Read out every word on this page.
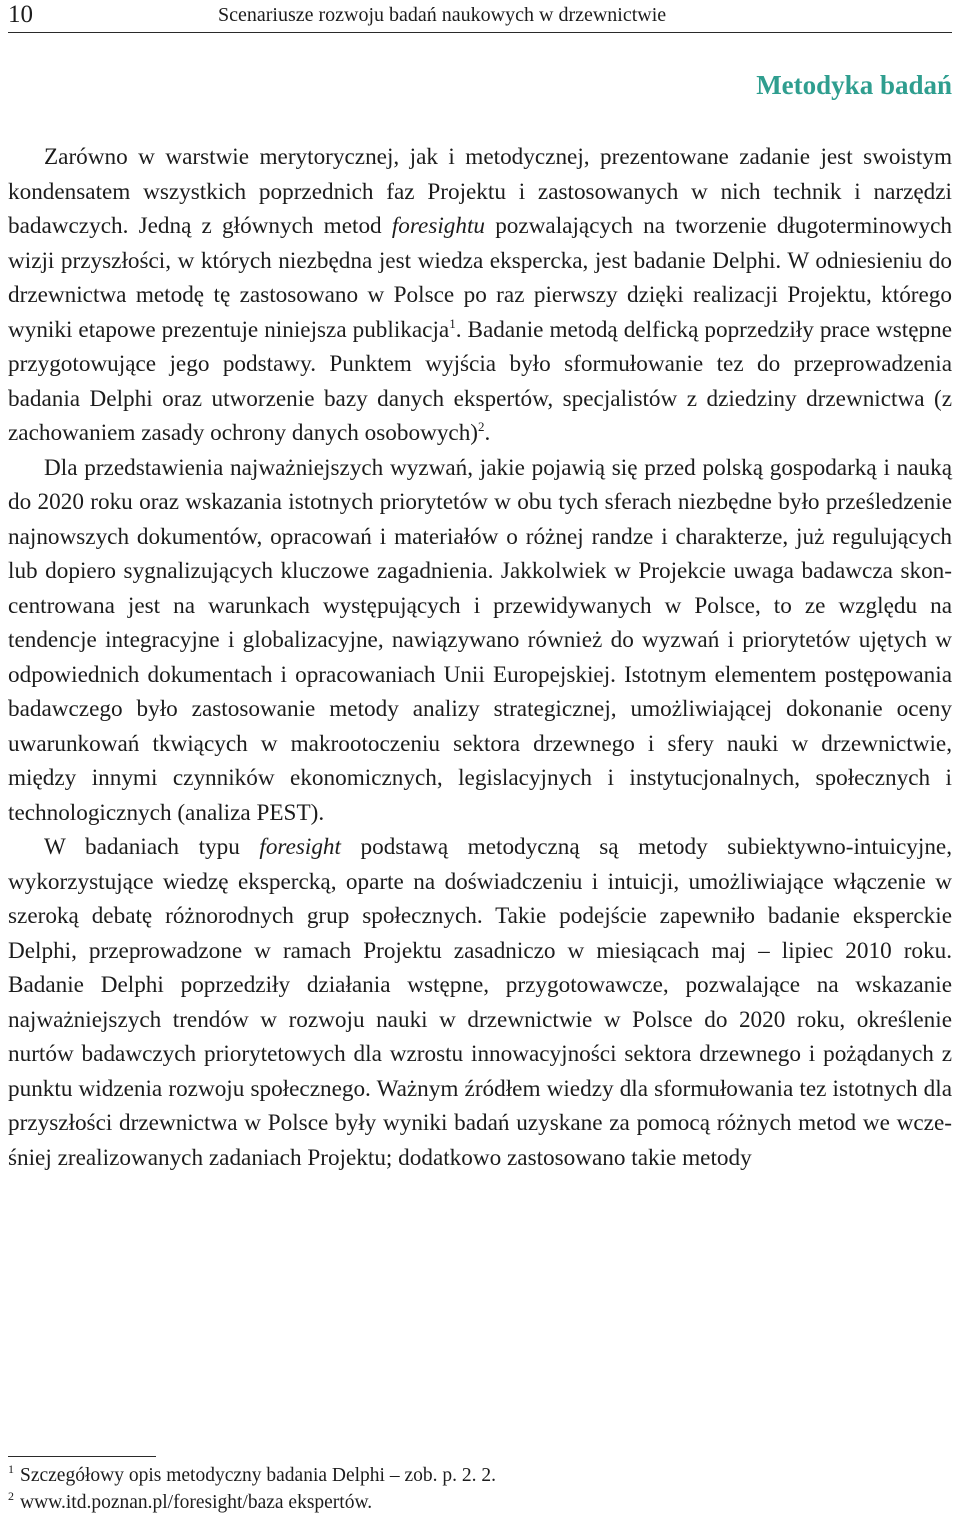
10	Scenariusze rozwoju badań naukowych w drzewnictwie
Metodyka badań

Zarówno w warstwie merytorycznej, jak i metodycznej, prezentowane zadanie jest swoistym kondensatem wszystkich poprzednich faz Projektu i zastosowanych w nich technik i narzędzi badawczych. Jedną z głównych metod foresightu pozwalających na tworzenie długoterminowych wizji przyszłości, w których niezbędna jest wiedza ekspercka, jest badanie Delphi. W odniesieniu do drzewnictwa metodę tę zastosowano w Polsce po raz pierwszy dzięki realizacji Projektu, którego wyniki etapowe prezentuje niniejsza publikacja$^1$. Badanie metodą delficką poprzedziły prace wstępne przygotowujące jego podstawy. Punktem wyjścia było sformułowanie tez do przeprowadzenia badania Delphi oraz utworzenie bazy danych ekspertów, specjalistów z dziedziny drzewnictwa (z zachowaniem zasady ochrony danych osobowych)$^2$.

Dla przedstawienia najważniejszych wyzwań, jakie pojawią się przed polską gospodarką i nauką do 2020 roku oraz wskazania istotnych priorytetów w obu tych sferach niezbędne było prześledzenie najnowszych dokumentów, opracowań i materiałów o różnej randze i charakterze, już regulujących lub dopiero sygnalizujących kluczowe zagadnienia. Jakkolwiek w Projekcie uwaga badawcza skoncentrowana jest na warunkach występujących i przewidywanych w Polsce, to ze względu na tendencje integracyjne i globalizacyjne, nawiązywano również do wyzwań i priorytetów ujętych w odpowiednich dokumentach i opracowaniach Unii Europejskiej. Istotnym elementem postępowania badawczego było zastosowanie metody analizy strategicznej, umożliwiającej dokonanie oceny uwarunkowań tkwiących w makrootoczeniu sektora drzewnego i sfery nauki w drzewnictwie, między innymi czynników ekonomicznych, legislacyjnych i instytucjonalnych, społecznych i technologicznych (analiza PEST).

W badaniach typu foresight podstawą metodyczną są metody subiektywno-intuicyjne, wykorzystujące wiedzę ekspercką, oparte na doświadczeniu i intuicji, umożliwiające włączenie w szeroką debatę różnorodnych grup społecznych. Takie podejście zapewniło badanie eksperckie Delphi, przeprowadzone w ramach Projektu zasadniczo w miesiącach maj – lipiec 2010 roku. Badanie Delphi poprzedziły działania wstępne, przygotowawcze, pozwalające na wskazanie najważniejszych trendów w rozwoju nauki w drzewnictwie w Polsce do 2020 roku, określenie nurtów badawczych priorytetowych dla wzrostu innowacyjności sektora drzewnego i pożądanych z punktu widzenia rozwoju społecznego. Ważnym źródłem wiedzy dla sformułowania tez istotnych dla przyszłości drzewnictwa w Polsce były wyniki badań uzyskane za pomocą różnych metod we wcześniej zrealizowanych zadaniach Projektu; dodatkowo zastosowano takie metody

$^1$ Szczegółowy opis metodyczny badania Delphi – zob. p. 2. 2.

$^2$ www.itd.poznan.pl/foresight/baza ekspertów.
